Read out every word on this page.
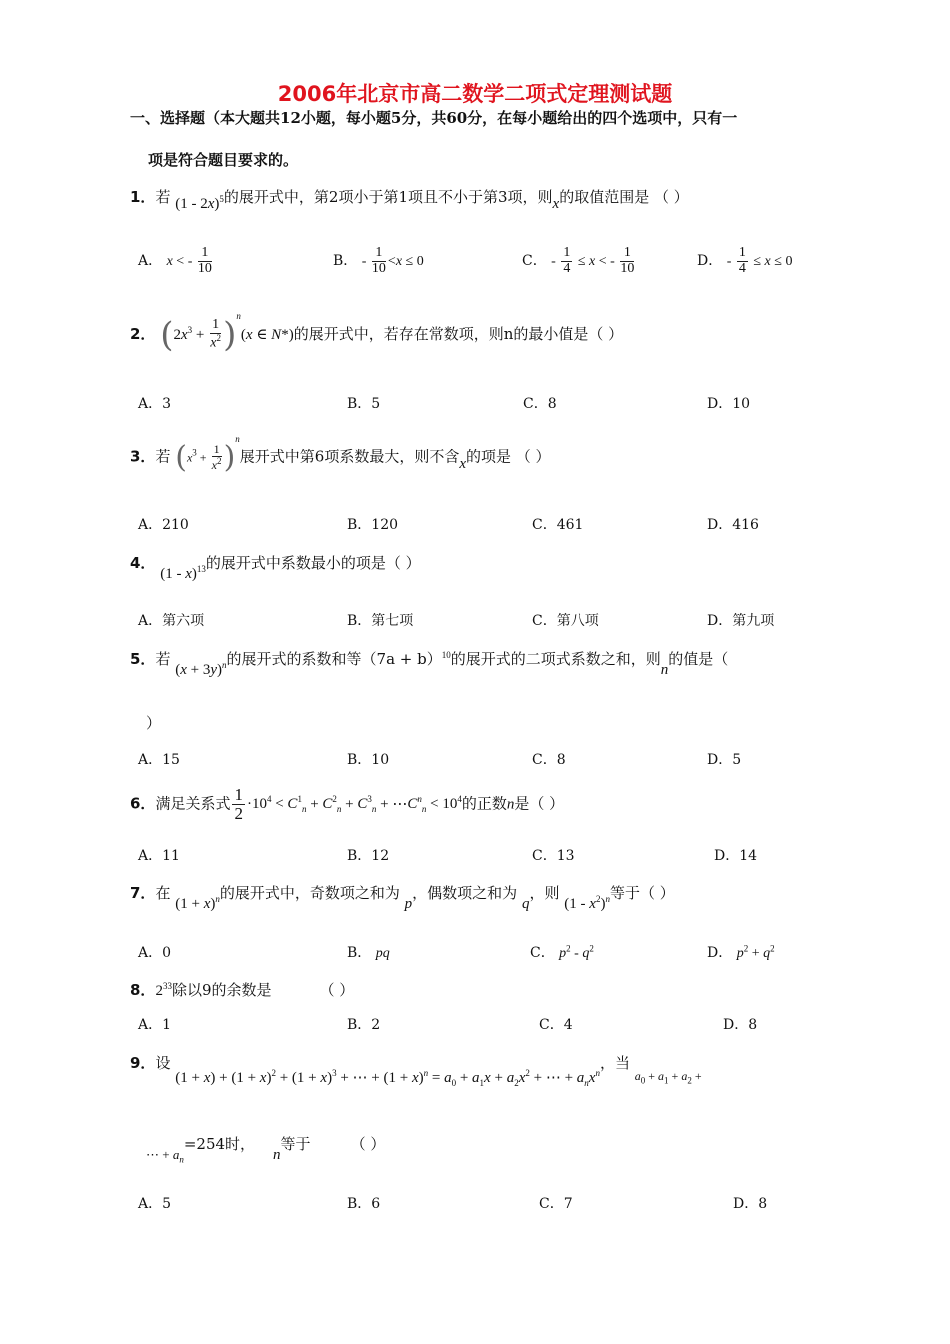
2006年北京市高二数学二项式定理测试题
一、选择题（本大题共12小题，每小题5分，共60分，在每小题给出的四个选项中，只有一
项是符合题目要求的。
1．若 (1 - 2x)$^5$的展开式中，第2项小于第1项且不小于第3项，则x的取值范围是 （ ）
A． x < - $\frac{1}{10}$	B． - $\frac{1}{10} <x \le 0$	C． - $\frac{1}{4} \le x$ < - $\frac{1}{10}$	D． - $\frac{1}{4} \le x \le 0$
2． $(2x^3 + \frac{1}{x^2} )^n(x$ ∈ N*)的展开式中，若存在常数项，则n的最小值是（ ）
A．3	B．5	C．8	D．10
3．若 $(x^3 + \frac{1}{x^2} )^n$展开式中第6项系数最大，则不含x的项是 （ ）
A．210	B．120	C．461	D．416
4． (1 - x)$^{13}$的展开式中系数最小的项是（ ）
A．第六项	B．第七项	C．第八项	D．第九项
5．若 $(x + 3y)^n$的展开式的系数和等$(7a + b)^{10}$的展开式的二项式系数之和，则n的值是（
）
A．15	B．10	C．8	D．5
6．满足关系式 $\frac{1}{2} \cdot 10^4 < C^1_n + C^2_n + C^3_n$ + $\cdots C^n_n < 10^4$的正数n是（ ）
A．11	B．12	C．13	D．14
7．在 $(1 + x)^n$的展开式中，奇数项之和为 p，偶数项之和为 q，则 $(1 - x^2)^n$等于（ ）
A．0	B． pq	C． $p^2 - q^2$	D． $p^2 + q^2$
8．$2^{33}$除以9的余数是	（ ）
A．1	B．2	C．4	D．8
9．设 $(1 + x) + (1 + x)^2 + (1 + x)^3$ + ⋯ + $(1 + x)^n = a_0 + a_1x + a_2x^2$ + ⋯ + $a_nx^n$，当 $_{a_0 + a_1 + a_2 +}$
⋯ + $a_n=254$时，n等于	（ ）
A．5	B．6	C．7	D．8
